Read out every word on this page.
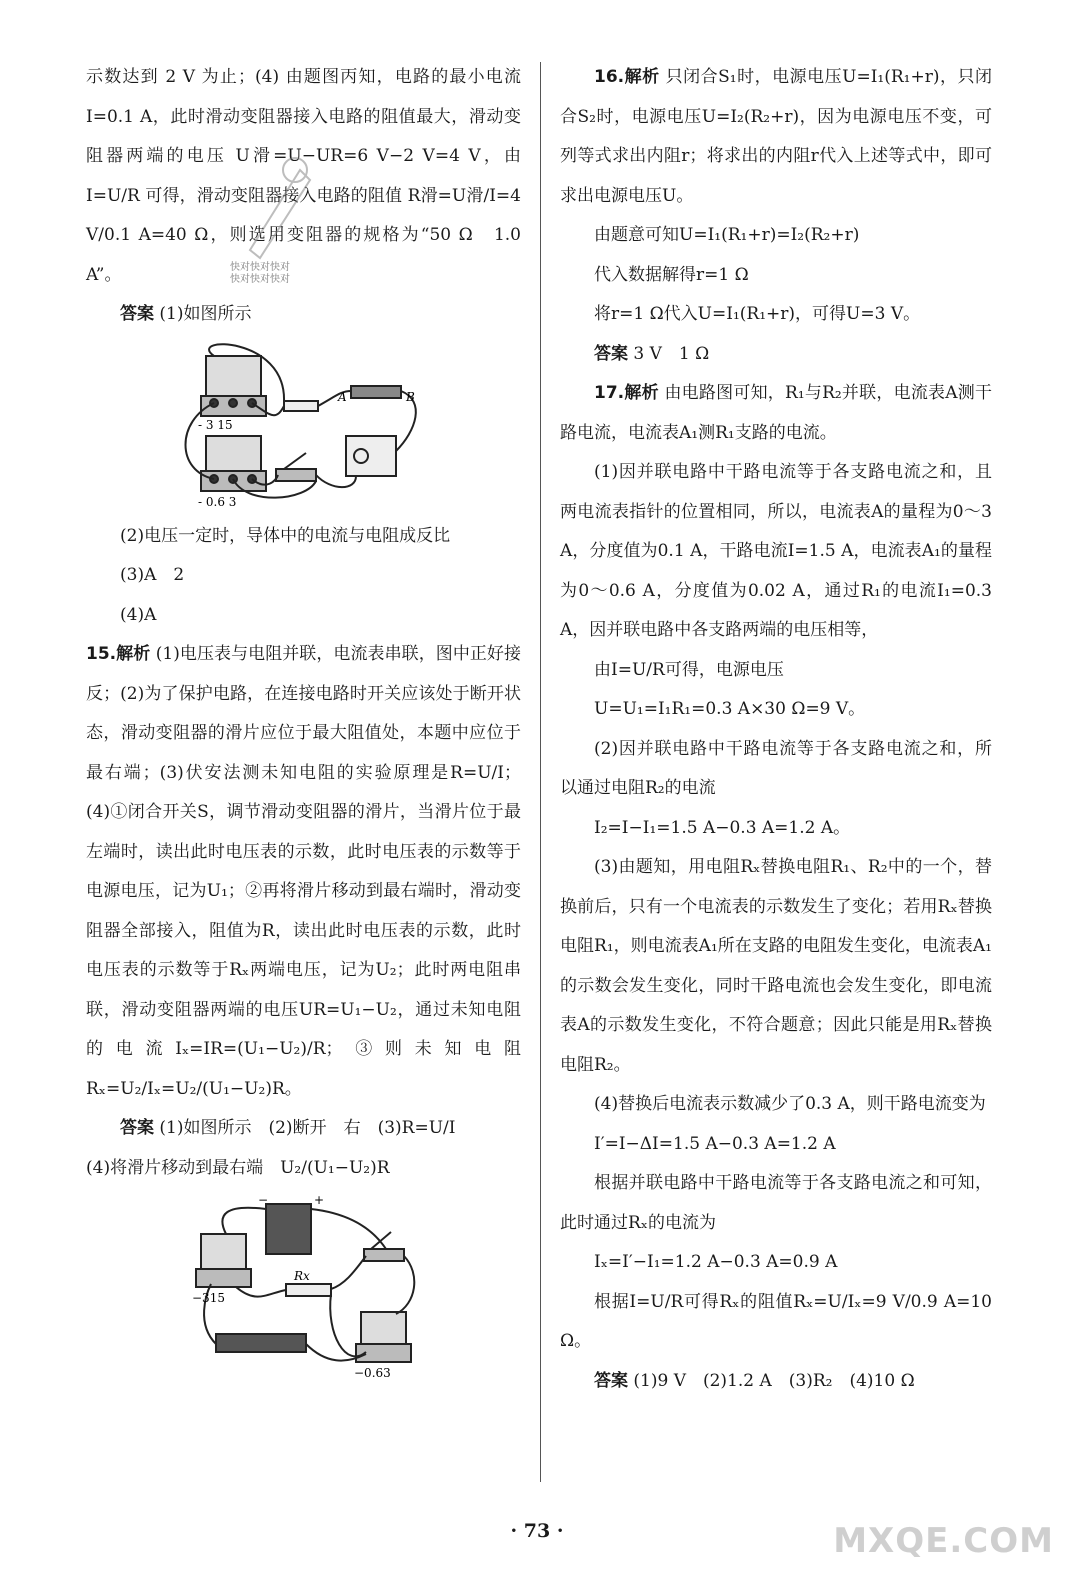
示数达到 2 V 为止；(4) 由题图丙知，电路的最小电流 I=0.1 A，此时滑动变阻器接入电路的阻值最大，滑动变阻器两端的电压 U滑=U−UR=6 V−2 V=4 V，由 I=U/R 可得，滑动变阻器接入电路的阻值 R滑=U滑/I=4 V/0.1 A=40 Ω，则选用变阻器的规格为“50 Ω　1.0 A”。

答案 (1)如图所示

A	B
- 3 15
- 0.6 3

(2)电压一定时，导体中的电流与电阻成反比

(3)A　2

(4)A

15.解析 (1)电压表与电阻并联，电流表串联，图中正好接反；(2)为了保护电路，在连接电路时开关应该处于断开状态，滑动变阻器的滑片应位于最大阻值处，本题中应位于最右端；(3)伏安法测未知电阻的实验原理是R=U/I；(4)①闭合开关S，调节滑动变阻器的滑片，当滑片位于最左端时，读出此时电压表的示数，此时电压表的示数等于电源电压，记为U₁；②再将滑片移动到最右端时，滑动变阻器全部接入，阻值为R，读出此时电压表的示数，此时电压表的示数等于Rₓ两端电压，记为U₂；此时两电阻串联，滑动变阻器两端的电压UR=U₁−U₂，通过未知电阻的电流Iₓ=IR=(U₁−U₂)/R；③则未知电阻Rₓ=U₂/Iₓ=U₂/(U₁−U₂)R。

答案 (1)如图所示　(2)断开　右　(3)R=U/I

(4)将滑片移动到最右端　U₂/(U₁−U₂)R

Rx
−315
−0.63
−	+

16.解析 只闭合S₁时，电源电压U=I₁(R₁+r)，只闭合S₂时，电源电压U=I₂(R₂+r)，因为电源电压不变，可列等式求出内阻r；将求出的内阻r代入上述等式中，即可求出电源电压U。

由题意可知U=I₁(R₁+r)=I₂(R₂+r)

代入数据解得r=1 Ω

将r=1 Ω代入U=I₁(R₁+r)，可得U=3 V。

答案 3 V　1 Ω

17.解析 由电路图可知，R₁与R₂并联，电流表A测干路电流，电流表A₁测R₁支路的电流。

(1)因并联电路中干路电流等于各支路电流之和，且两电流表指针的位置相同，所以，电流表A的量程为0～3 A，分度值为0.1 A，干路电流I=1.5 A，电流表A₁的量程为0～0.6 A，分度值为0.02 A，通过R₁的电流I₁=0.3 A，因并联电路中各支路两端的电压相等，

由I=U/R可得，电源电压

U=U₁=I₁R₁=0.3 A×30 Ω=9 V。

(2)因并联电路中干路电流等于各支路电流之和，所以通过电阻R₂的电流

I₂=I−I₁=1.5 A−0.3 A=1.2 A。

(3)由题知，用电阻Rₓ替换电阻R₁、R₂中的一个，替换前后，只有一个电流表的示数发生了变化；若用Rₓ替换电阻R₁，则电流表A₁所在支路的电阻发生变化，电流表A₁的示数会发生变化，同时干路电流也会发生变化，即电流表A的示数发生变化，不符合题意；因此只能是用Rₓ替换电阻R₂。

(4)替换后电流表示数减少了0.3 A，则干路电流变为

I′=I−ΔI=1.5 A−0.3 A=1.2 A

根据并联电路中干路电流等于各支路电流之和可知，此时通过Rₓ的电流为

Iₓ=I′−I₁=1.2 A−0.3 A=0.9 A

根据I=U/R可得Rₓ的阻值Rₓ=U/Iₓ=9 V/0.9 A=10 Ω。

答案 (1)9 V　(2)1.2 A　(3)R₂　(4)10 Ω

快对快对快对
快对快对快对
· 73 ·	MXQE.COM
